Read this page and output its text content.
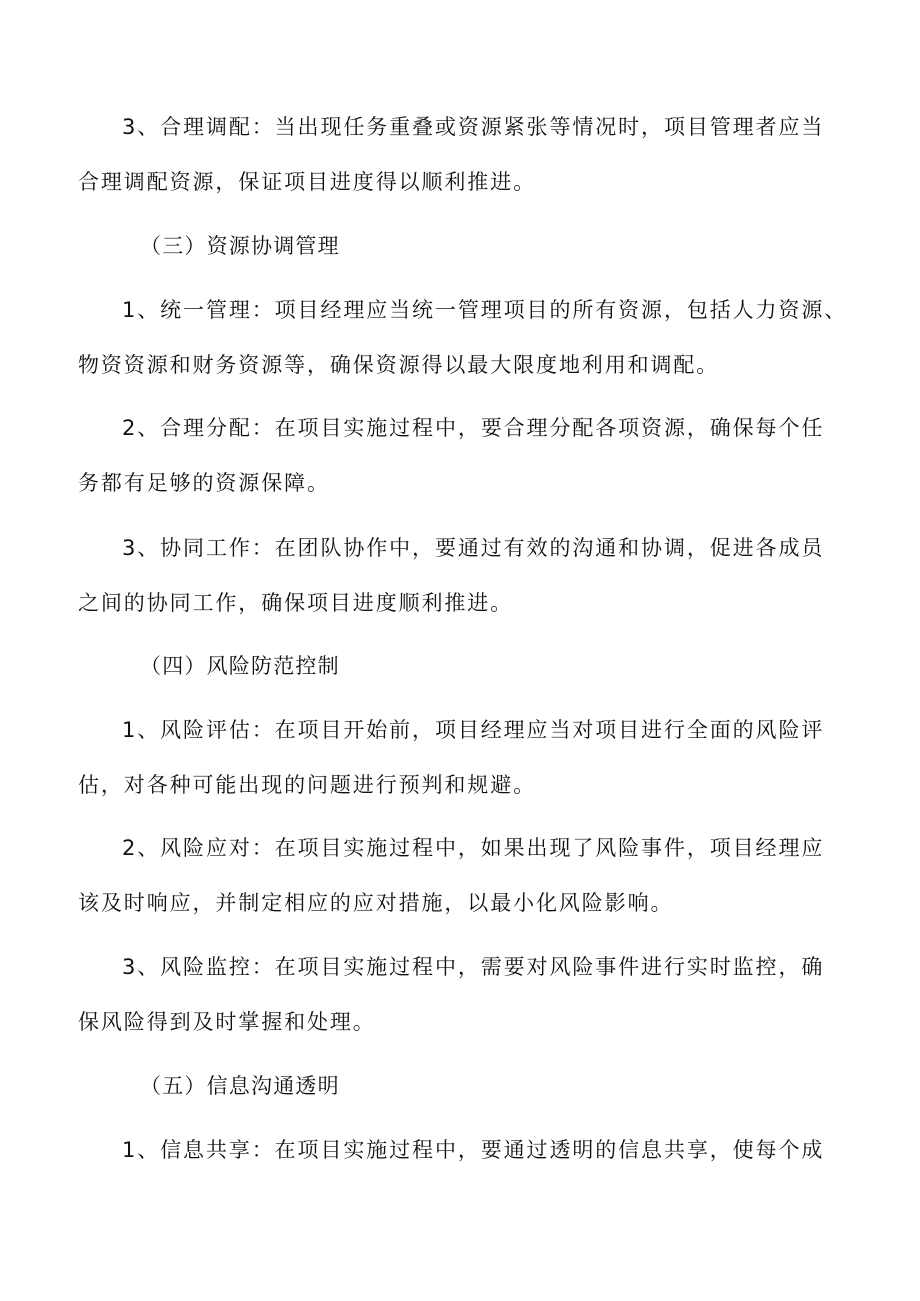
3、合理调配：当出现任务重叠或资源紧张等情况时，项目管理者应当
合理调配资源，保证项目进度得以顺利推进。
（三）资源协调管理
1、统一管理：项目经理应当统一管理项目的所有资源，包括人力资源、
物资资源和财务资源等，确保资源得以最大限度地利用和调配。
2、合理分配：在项目实施过程中，要合理分配各项资源，确保每个任
务都有足够的资源保障。
3、协同工作：在团队协作中，要通过有效的沟通和协调，促进各成员
之间的协同工作，确保项目进度顺利推进。
（四）风险防范控制
1、风险评估：在项目开始前，项目经理应当对项目进行全面的风险评
估，对各种可能出现的问题进行预判和规避。
2、风险应对：在项目实施过程中，如果出现了风险事件，项目经理应
该及时响应，并制定相应的应对措施，以最小化风险影响。
3、风险监控：在项目实施过程中，需要对风险事件进行实时监控，确
保风险得到及时掌握和处理。
（五）信息沟通透明
1、信息共享：在项目实施过程中，要通过透明的信息共享，使每个成
